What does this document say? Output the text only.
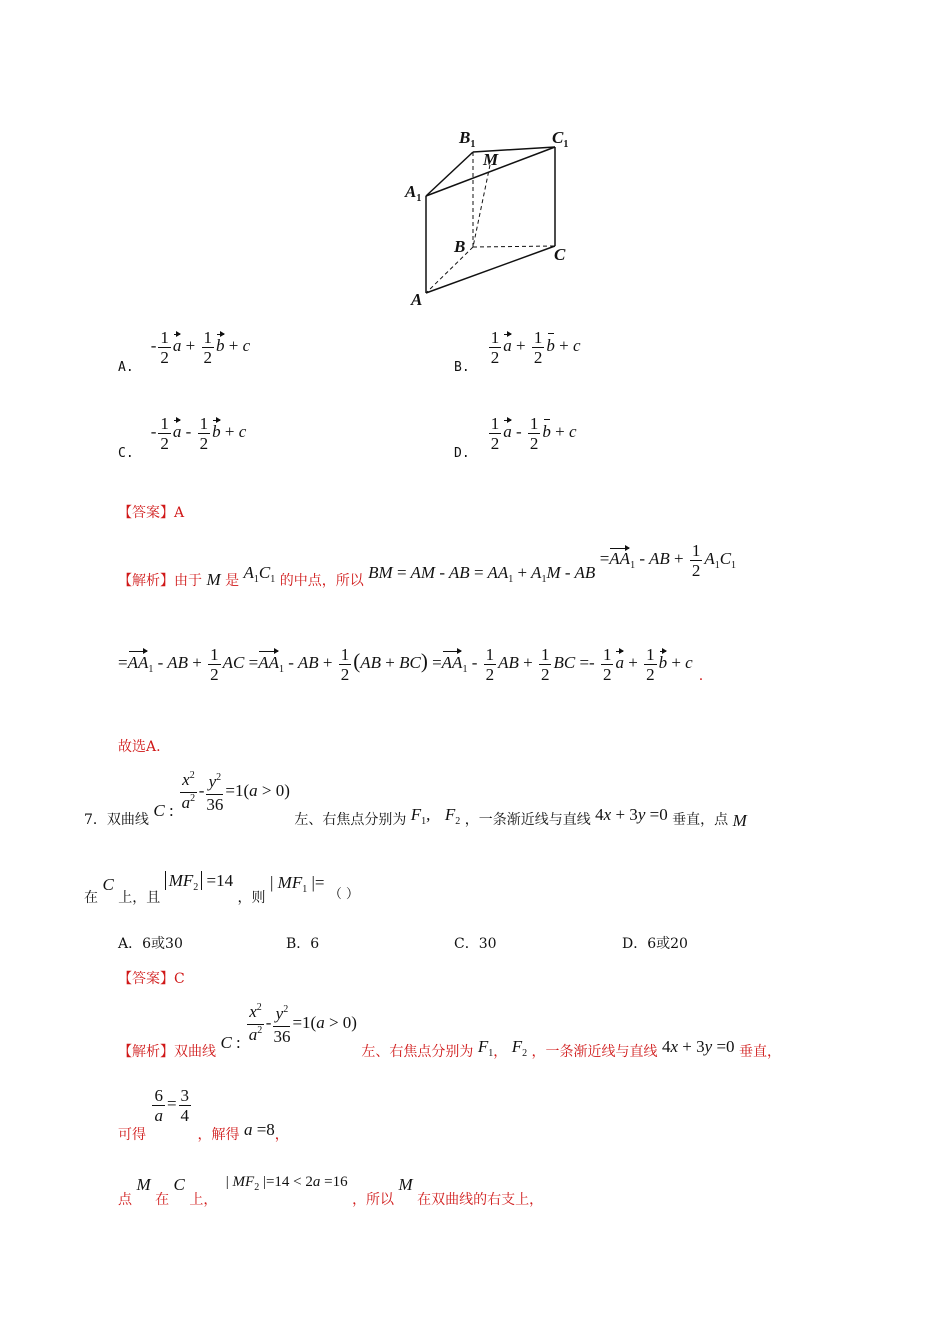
$B_1$	$C_1$
M
$A_1$
B	C
A
$_{A.} - \frac{1}{2}$ $a + \frac{1}{2}$ b + c
$_{B.}$
$\frac{1}{2}$ $a + \frac{1}{2}$ b + c
$_{C.} - \frac{1}{2}$ a - $\frac{1}{2}$ b + c
$_{D.}$
$\frac{1}{2}$ a - $\frac{1}{2}$ b + c
【答案】A
【解析】由于 M 是 $A_1C_1$ 的中点，所以 BM = AM - AB = $AA_1 + A_1M$ - AB $=AA_1$ - AB + $\frac{1}{2} A_1C_1$
$=AA_1$ - AB + $\frac{1}{2}$ AC $=AA_1$ - AB + $\frac{1}{2} (AB + BC) =AA_1 - \frac{1}{2}$ AB + $\frac{1}{2}$ BC =- $\frac{1}{2}$ $a + \frac{1}{2}$ b + c.
故选A.
7．双曲线 C : $\frac{x^2}{a^2} - \frac{y^2}{36} =1(a > 0)$ 左、右焦点分别为 $F_1$, $F_2$ ，一条渐近线与直线 4x + 3y =0 垂直，点 M
在 C 上，且 $MF_2 =14$ ，则 | $MF_1$ |= （ ）
A．6或30	B．6	C．30	D．6或20
【答案】C
【解析】双曲线 C : $\frac{x^2}{a^2} - \frac{y^2}{36} =1(a > 0)$ 左、右焦点分别为 $F_1$， $F_2$ ，一条渐近线与直线 4x + 3y =0 垂直，
可得
$\frac{6}{a} = \frac{3}{4}$
，解得 a =8，
点 M 在 C 上， | $MF_2$ |=14 < 2a =16 ，所以 M 在双曲线的右支上，
